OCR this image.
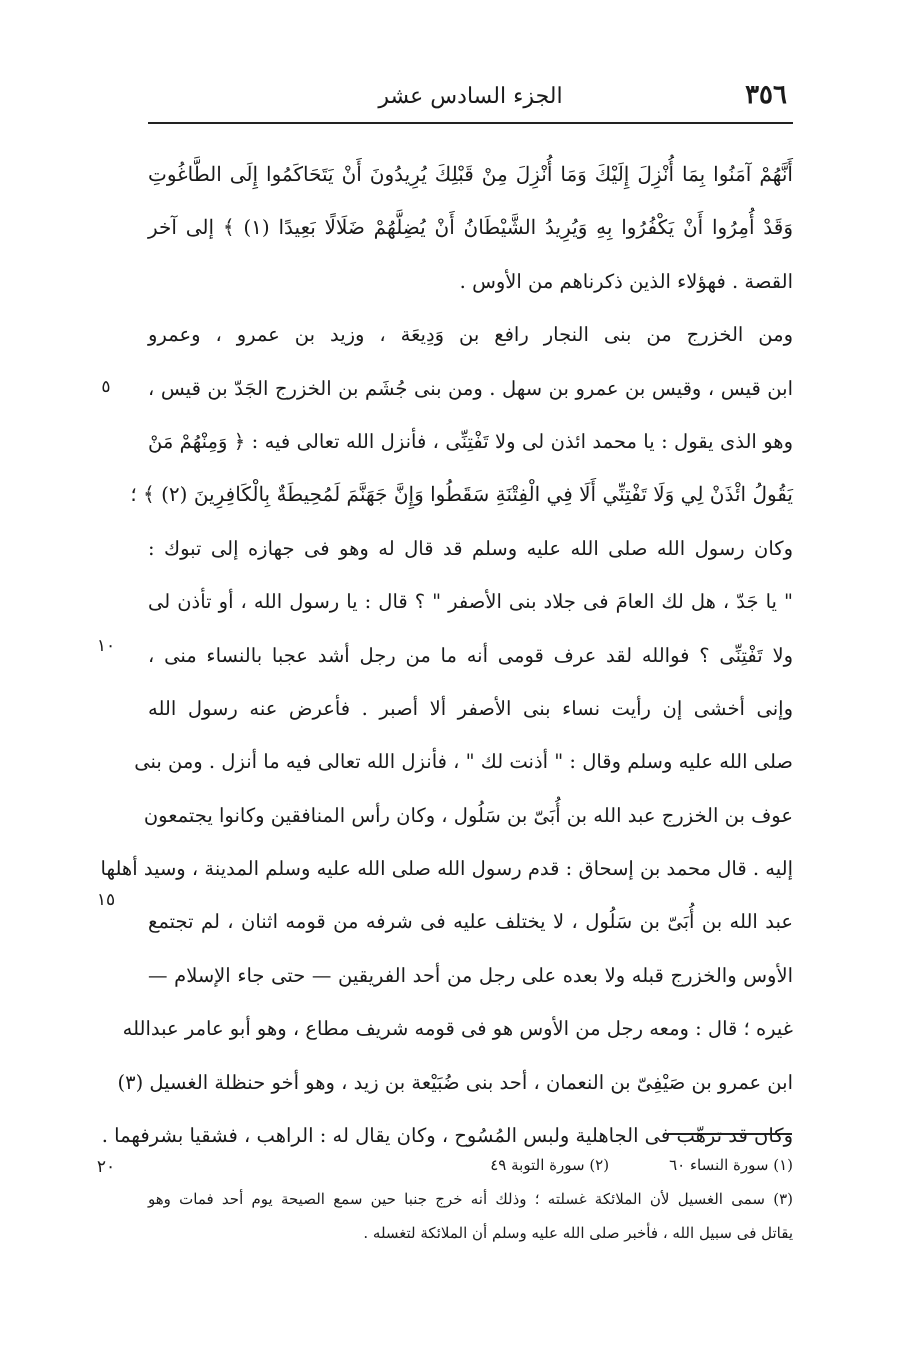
٣٥٦
الجزء السادس عشر
٥
١٠
١٥
٢٠
أَنَّهُمْ آمَنُوا بِمَا أُنْزِلَ إِلَيْكَ وَمَا أُنْزِلَ مِنْ قَبْلِكَ يُرِيدُونَ أَنْ يَتَحَاكَمُوا إِلَى الطَّاغُوتِ
وَقَدْ أُمِرُوا أَنْ يَكْفُرُوا بِهِ وَيُرِيدُ الشَّيْطَانُ أَنْ يُضِلَّهُمْ ضَلَالًا بَعِيدًا (١) ﴾ إلى آخر
القصة . فهؤلاء الذين ذكرناهم من الأوس .
ومن الخزرج من بنى النجار رافع بن وَدِيعَة ، وزيد بن عمرو ، وعمرو
ابن قيس ، وقيس بن عمرو بن سهل . ومن بنى جُشَم بن الخزرج الجَدّ بن قيس ،
وهو الذى يقول : يا محمد ائذن لى ولا تَفْتِنِّى ، فأنزل الله تعالى فيه : ﴿ وَمِنْهُمْ مَنْ
يَقُولُ ائْذَنْ لِي وَلَا تَفْتِنِّي أَلَا فِي الْفِتْنَةِ سَقَطُوا وَإِنَّ جَهَنَّمَ لَمُحِيطَةٌ بِالْكَافِرِينَ (٢) ﴾ ؛
وكان رسول الله صلى الله عليه وسلم قد قال له وهو فى جهازه إلى تبوك :
" يا جَدّ ، هل لك العامَ فى جلاد بنى الأصفر " ؟ قال : يا رسول الله ، أو تأذن لى
ولا تَفْتِنِّى ؟ فوالله لقد عرف قومى أنه ما من رجل أشد عجبا بالنساء منى ،
وإنى أخشى إن رأيت نساء بنى الأصفر ألا أصبر . فأعرض عنه رسول الله
صلى الله عليه وسلم وقال : " أذنت لك " ، فأنزل الله تعالى فيه ما أنزل . ومن بنى
عوف بن الخزرج عبد الله بن أُبَىّ بن سَلُول ، وكان رأس المنافقين وكانوا يجتمعون
إليه . قال محمد بن إسحاق : قدم رسول الله صلى الله عليه وسلم المدينة ، وسيد أهلها
عبد الله بن أُبَىّ بن سَلُول ، لا يختلف عليه فى شرفه من قومه اثنان ، لم تجتمع
الأوس والخزرج قبله ولا بعده على رجل من أحد الفريقين — حتى جاء الإسلام —
غيره ؛ قال : ومعه رجل من الأوس هو فى قومه شريف مطاع ، وهو أبو عامر عبدالله
ابن عمرو بن صَيْفِىّ بن النعمان ، أحد بنى ضُبَيْعة بن زيد ، وهو أخو حنظلة الغسيل (٣)
وكان قد ترهّب فى الجاهلية ولبس المُسُوح ، وكان يقال له : الراهب ، فشقيا بشرفهما .
(١) سورة النساء ٦٠(٢) سورة التوبة ٤٩
(٣) سمى الغسيل لأن الملائكة غسلته ؛ وذلك أنه خرج جنبا حين سمع الصيحة يوم أحد فمات وهو
يقاتل فى سبيل الله ، فأخبر صلى الله عليه وسلم أن الملائكة لتغسله .
